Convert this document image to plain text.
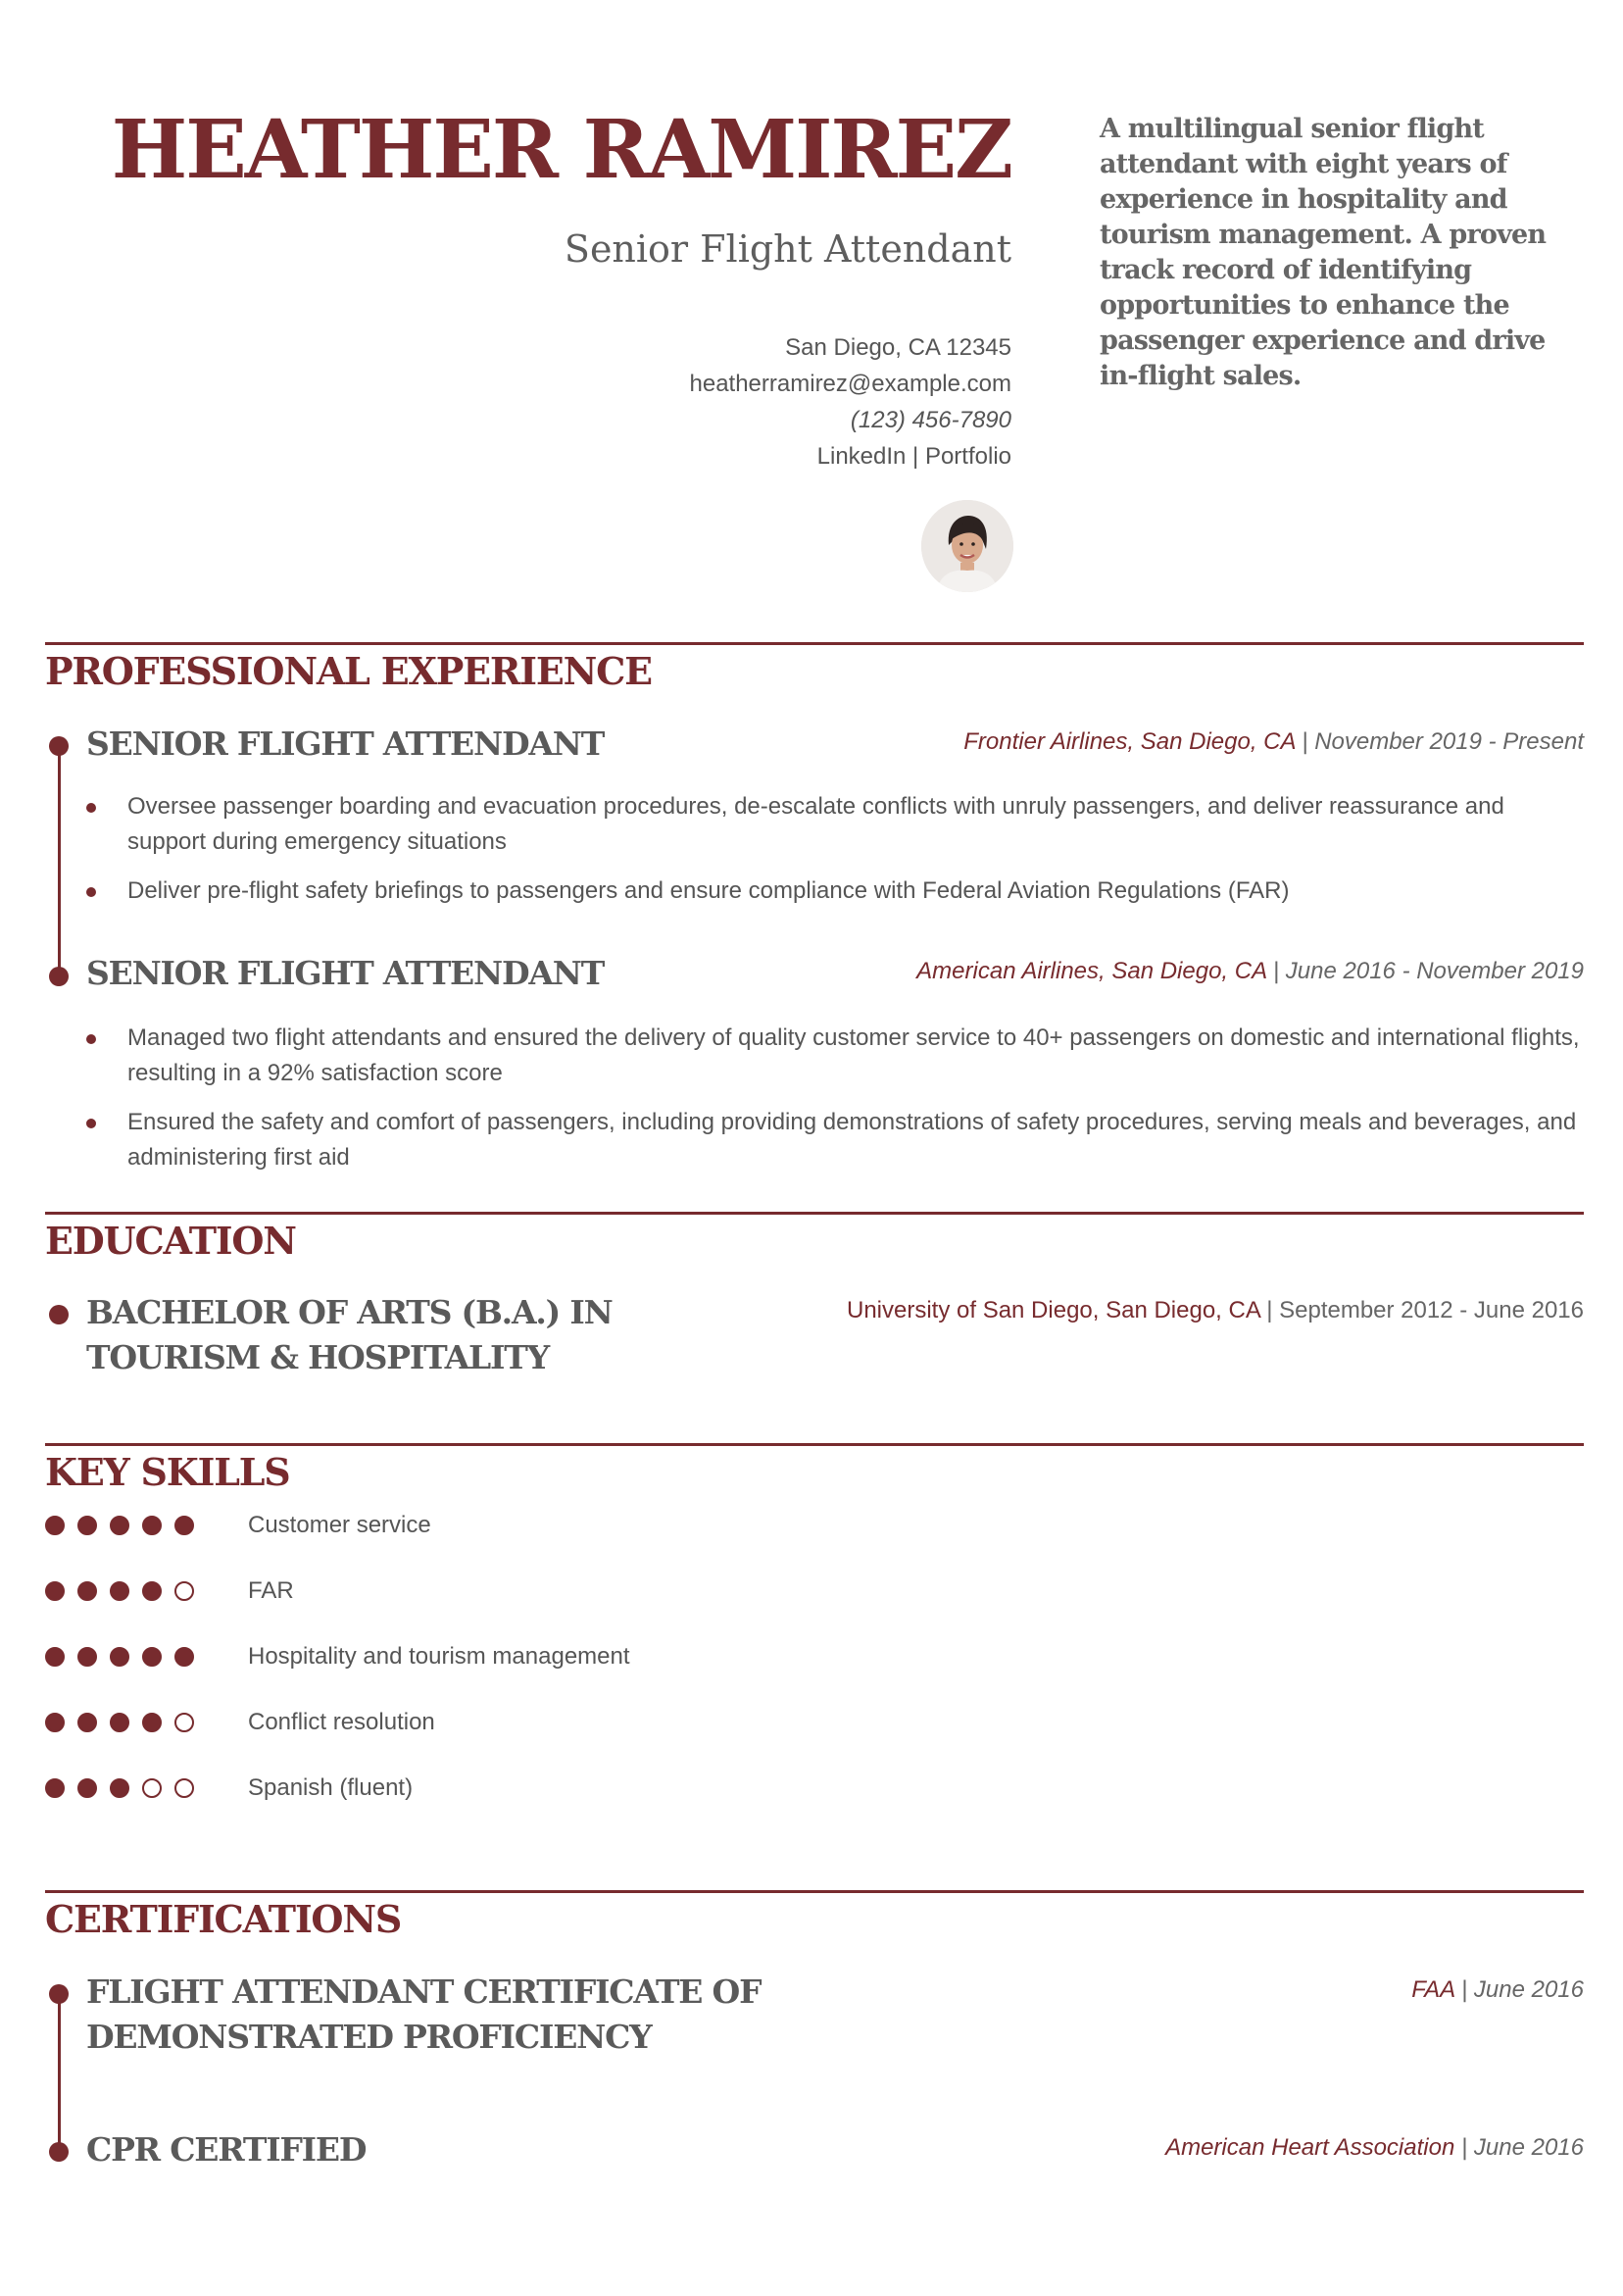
HEATHER RAMIREZ
Senior Flight Attendant
San Diego, CA 12345
heatherramirez@example.com
(123) 456-7890
LinkedIn | Portfolio
A multilingual senior flight attendant with eight years of experience in hospitality and tourism management. A proven track record of identifying opportunities to enhance the passenger experience and drive in-flight sales.
PROFESSIONAL EXPERIENCE
SENIOR FLIGHT ATTENDANT	Frontier Airlines, San Diego, CA | November 2019 - Present
Oversee passenger boarding and evacuation procedures, de-escalate conflicts with unruly passengers, and deliver reassurance and support during emergency situations
Deliver pre-flight safety briefings to passengers and ensure compliance with Federal Aviation Regulations (FAR)
SENIOR FLIGHT ATTENDANT	American Airlines, San Diego, CA | June 2016 - November 2019
Managed two flight attendants and ensured the delivery of quality customer service to 40+ passengers on domestic and international flights, resulting in a 92% satisfaction score
Ensured the safety and comfort of passengers, including providing demonstrations of safety procedures, serving meals and beverages, and administering first aid
EDUCATION
BACHELOR OF ARTS (B.A.) IN TOURISM & HOSPITALITY
University of San Diego, San Diego, CA | September 2012 - June 2016
KEY SKILLS
Customer service
FAR
Hospitality and tourism management
Conflict resolution
Spanish (fluent)
CERTIFICATIONS
FLIGHT ATTENDANT CERTIFICATE OF DEMONSTRATED PROFICIENCY
FAA | June 2016
CPR CERTIFIED	American Heart Association | June 2016
